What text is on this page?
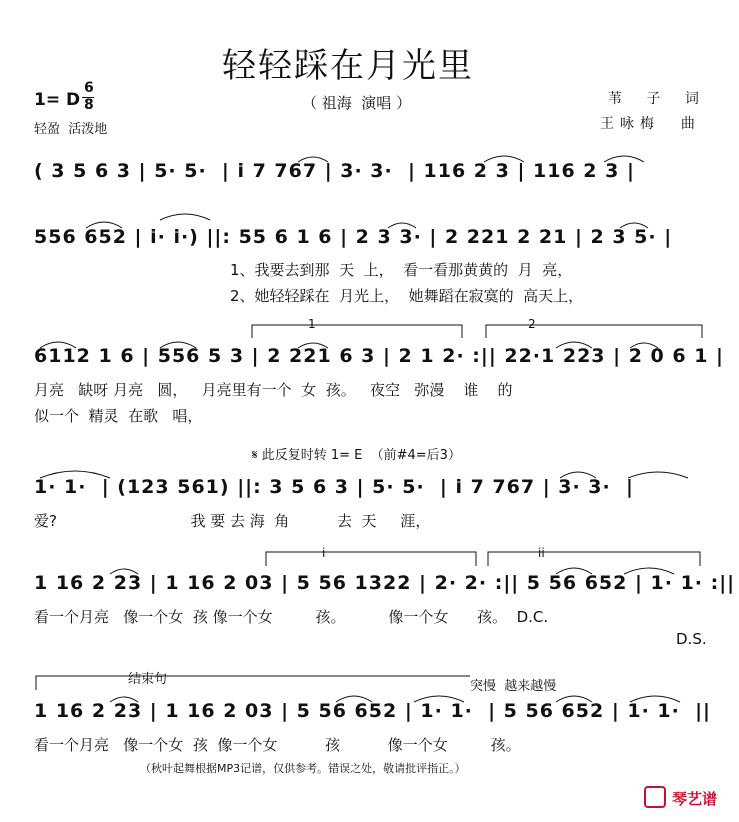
轻轻踩在月光里
（ 祖海  演唱 ）
1= D
6
8
轻盈  活泼地
苇 子 词
王咏梅  曲
( 3 5 6 3 | 5· 5·  | i 7 767 | 3· 3·  | 116 2 3 | 116 2 3 |
556 652 | i· i·) ||: 55 6 1 6 | 2 3 3· | 2 221 2 21 | 2 3 5· |
1、我要去到那  天  上，  看一看那黄黄的  月  亮，
2、她轻轻踩在  月光上，  她舞蹈在寂寞的  高天上，
1	2
6112 1 6 | 556 5 3 | 2 221 6 3 | 2 1 2· :|| 22·1 223 | 2 0 6 1 |
月亮   缺呀 月亮   圆，   月亮里有一个  女  孩。   夜空   弥漫    谁    的
似一个  精灵  在歌   唱，
𝄋 此反复时转 1= E  （前#4=后3）
1· 1·  | (123 561) ||: 3 5 6 3 | 5· 5·  | i 7 767 | 3· 3·  |
爱?                            我 要 去 海  角          去  天     涯，
i	ii
1 16 2 23 | 1 16 2 03 | 5 56 1322 | 2· 2· :|| 5 56 652 | 1· 1· :||
看一个月亮   像一个女  孩 像一个女         孩。         像一个女      孩。  D.C.
D.S.
结束句	突慢  越来越慢
1 16 2 23 | 1 16 2 03 | 5 56 652 | 1· 1·  | 5 56 652 | 1· 1·  ||
看一个月亮   像一个女  孩  像一个女          孩          像一个女         孩。
（秋叶起舞根据MP3记谱，仅供参考。错误之处，敬请批评指正。）
琴艺谱
